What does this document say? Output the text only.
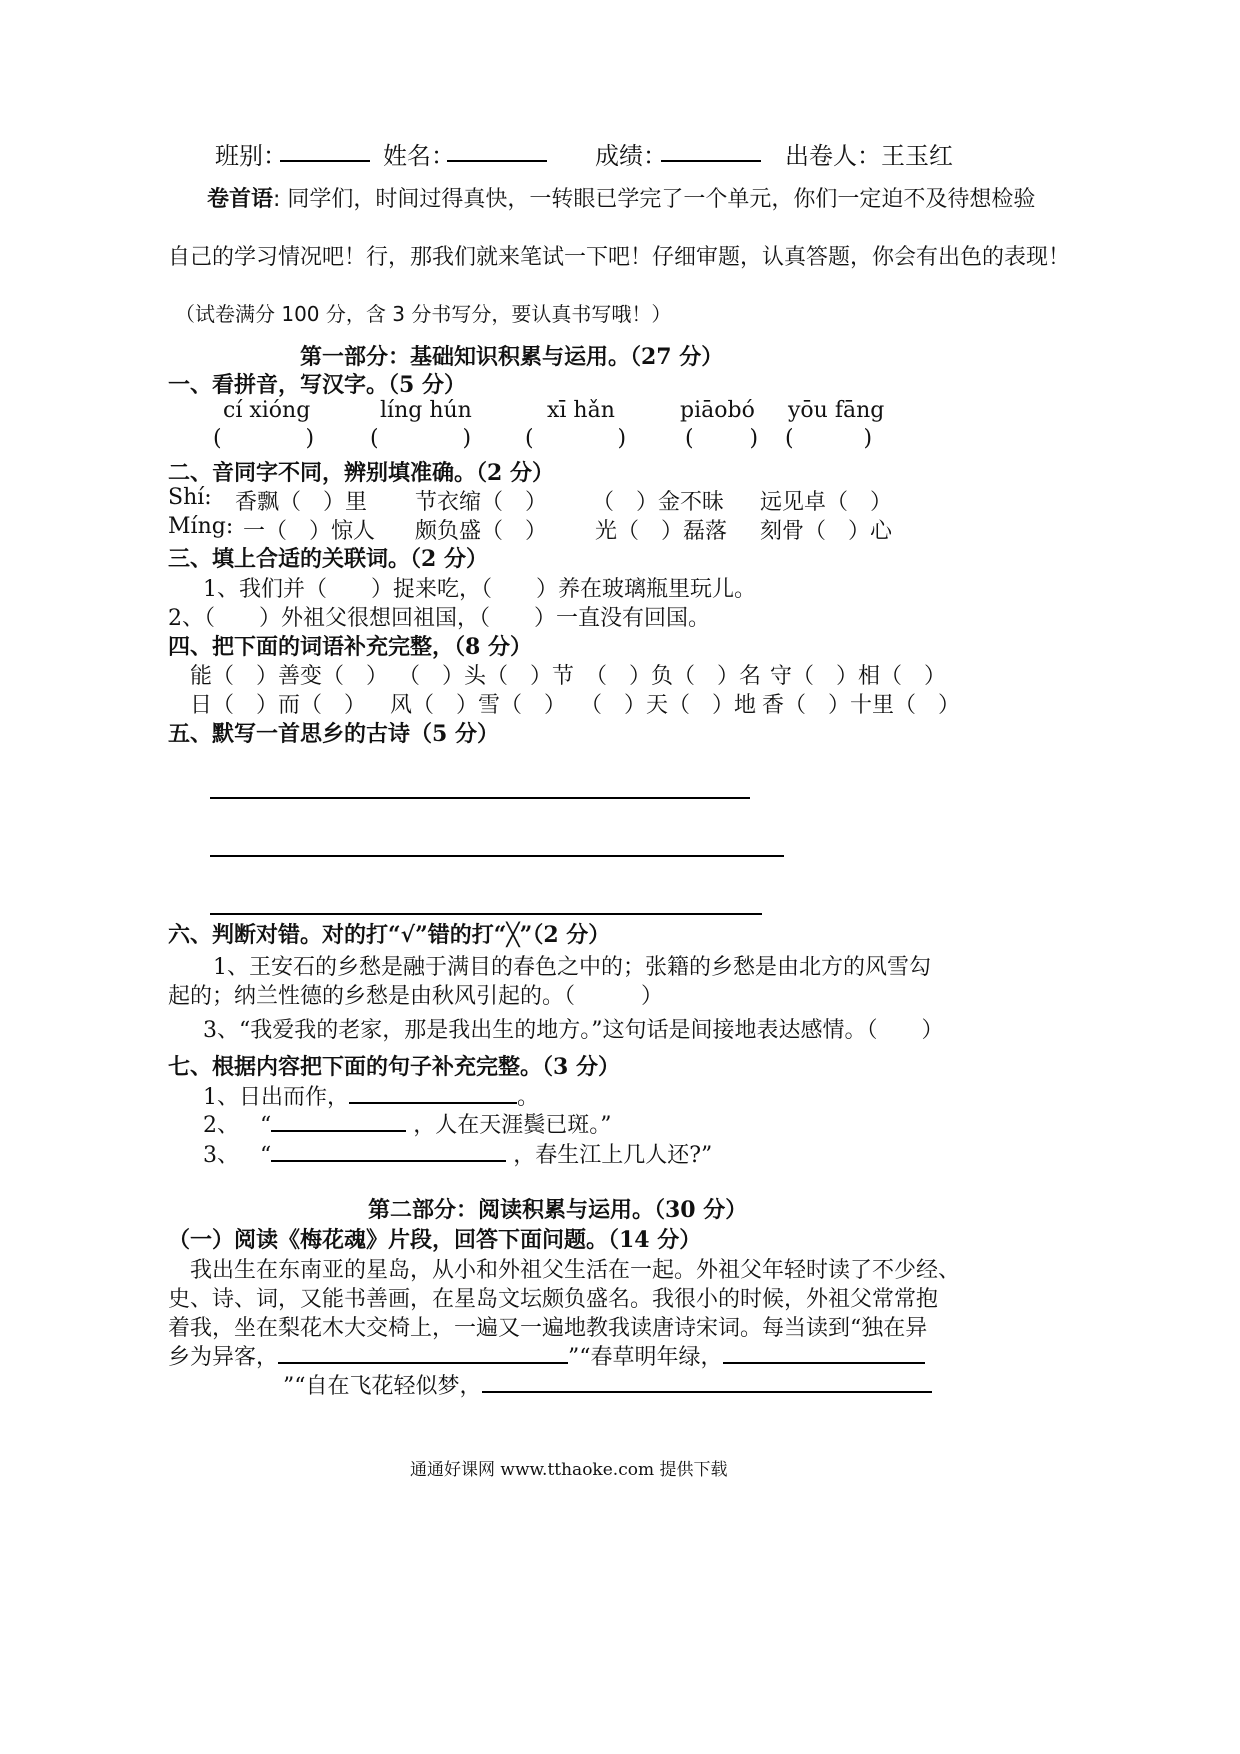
班别：	姓名：	成绩：	出卷人：王玉红
卷首语: 同学们，时间过得真快，一转眼已学完了一个单元，你们一定迫不及待想检验
自己的学习情况吧！行，那我们就来笔试一下吧！仔细审题，认真答题，你会有出色的表现！
（试卷满分 100 分，含 3 分书写分，要认真书写哦！）
第一部分：基础知识积累与运用。（27 分）
一、看拼音，写汉字。（5 分）
cí xióng	líng hún	xī hǎn	piāobó yōu fāng
(            )	(            ) (            )	(        ) (          )
二、音同字不同，辨别填准确。（2 分）
Shí: 香飘（　）里 节衣缩（　） （　）金不昧 远见卓（　）
Míng: 一（　）惊人 颇负盛（　） 光（　）磊落 刻骨（　）心
三、填上合适的关联词。（2 分）
1、我们并（　　）捉来吃，（　　）养在玻璃瓶里玩儿。
2、（　　）外祖父很想回祖国，（　　）一直没有回国。
四、把下面的词语补充完整，（8 分）
能（　）善变（　） （　）头（　）节 （　）负（　）名 守（　）相（　）
日（　）而（　） 风（　）雪（　） （　）天（　）地 香（　）十里（　）
五、默写一首思乡的古诗（5 分）
六、判断对错。对的打“√”错的打“╳”（2 分）
1、王安石的乡愁是融于满目的春色之中的；张籍的乡愁是由北方的风雪勾
起的；纳兰性德的乡愁是由秋风引起的。（　　　）
3、“我爱我的老家，那是我出生的地方。”这句话是间接地表达感情。（　　）
七、根据内容把下面的句子补充完整。（3 分）
1、日出而作，	。
2、 “	，人在天涯鬓已斑。”
3、 “	，春生江上几人还?”
第二部分：阅读积累与运用。（30 分）
（一）阅读《梅花魂》片段，回答下面问题。（14 分）
我出生在东南亚的星岛，从小和外祖父生活在一起。外祖父年轻时读了不少经、
史、诗、词，又能书善画，在星岛文坛颇负盛名。我很小的时候，外祖父常常抱
着我，坐在梨花木大交椅上，一遍又一遍地教我读唐诗宋词。每当读到“独在异
乡为异客，	”“春草明年绿，
”“自在飞花轻似梦，
通通好课网 www.tthaoke.com 提供下载
